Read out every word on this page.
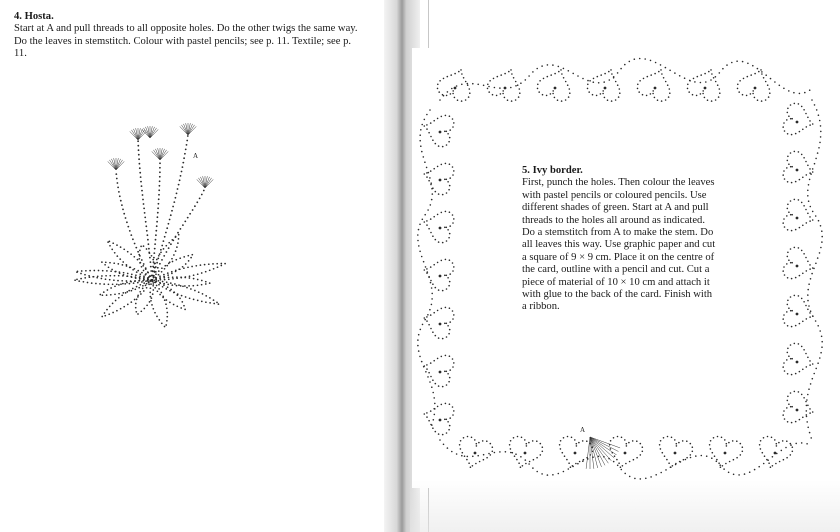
4. Hosta.
Start at A and pull threads to all opposite holes. Do the other twigs the same way. Do the leaves in stemstitch. Colour with pastel pencils; see p. 11. Textile; see p. 11.
A
A
5. Ivy border.
First, punch the holes. Then colour the leaves with pastel pencils or coloured pencils. Use different shades of green. Start at A and pull threads to the holes all around as indicated. Do a stemstitch from A to make the stem. Do all leaves this way. Use graphic paper and cut a square of 9 × 9 cm. Place it on the centre of the card, outline with a pencil and cut. Cut a piece of material of 10 × 10 cm and attach it with glue to the back of the card. Finish with a ribbon.
